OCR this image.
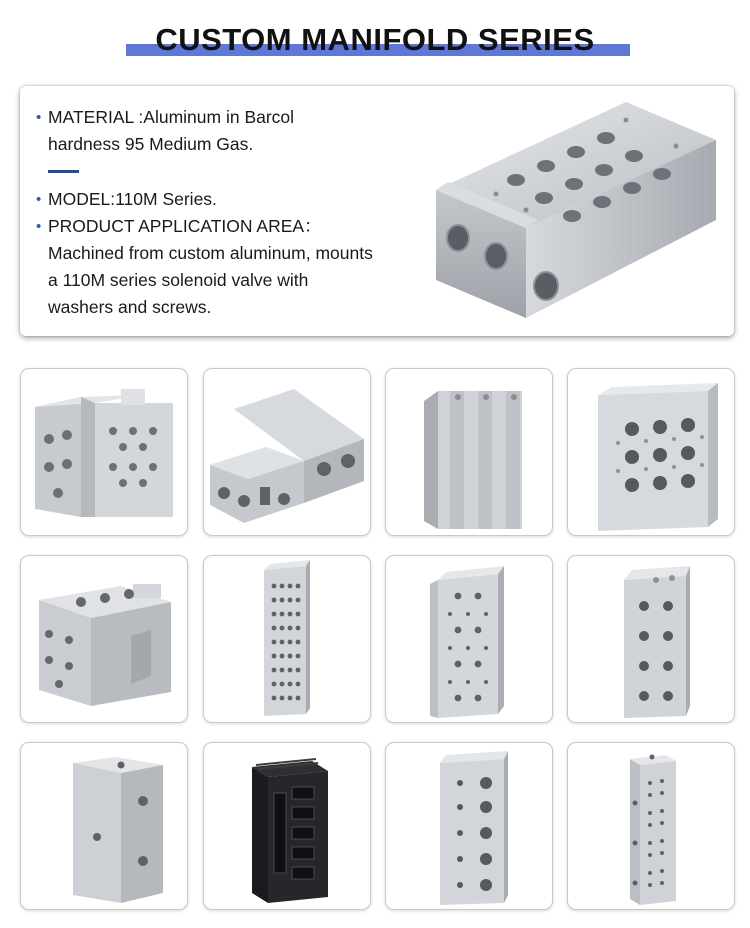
CUSTOM MANIFOLD SERIES
• MATERIAL :Aluminum in Barcol
hardness 95 Medium Gas.
• MODEL:110M Series.
• PRODUCT APPLICATION AREA：
Machined from custom aluminum, mounts
a 110M series solenoid valve with
washers and screws.
